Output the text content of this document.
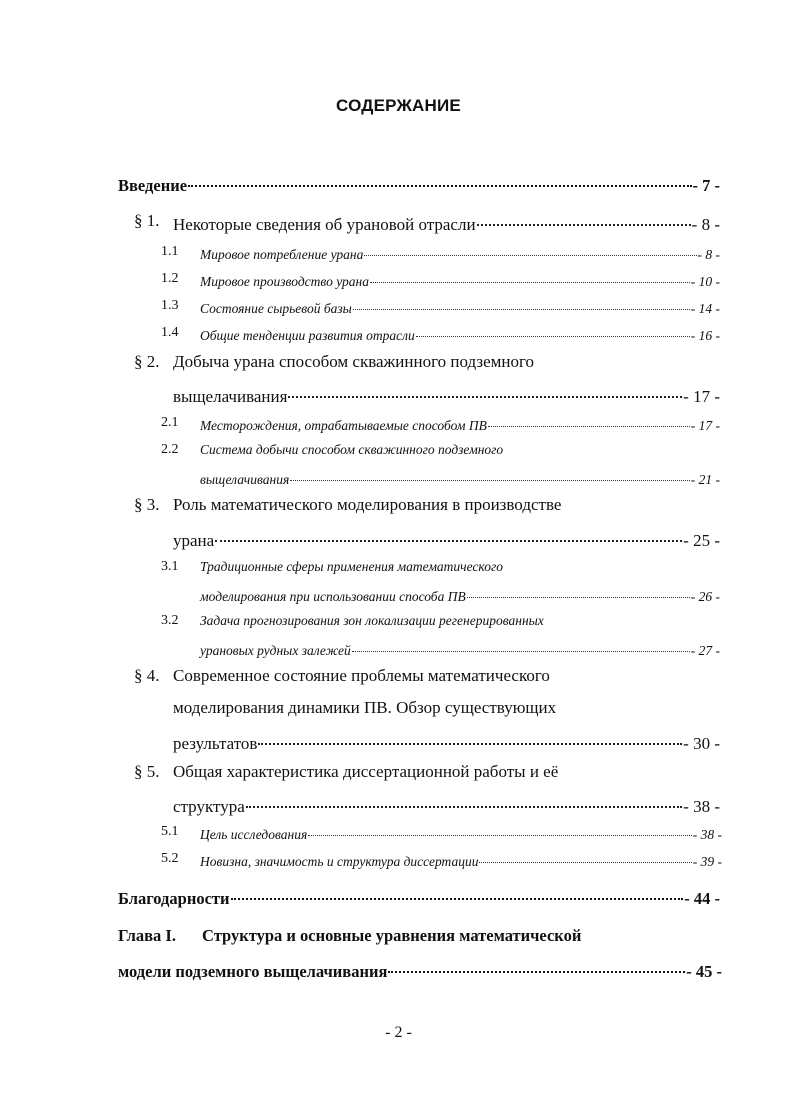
СОДЕРЖАНИЕ
Введение	- 7 -
§ 1. Некоторые сведения об урановой отрасли	- 8 -
1.1 Мировое потребление урана	- 8 -
1.2 Мировое производство урана	- 10 -
1.3 Состояние сырьевой базы	- 14 -
1.4 Общие тенденции развития отрасли	- 16 -
§ 2. Добыча урана способом скважинного подземного
выщелачивания	- 17 -
2.1 Месторождения, отрабатываемые способом ПВ	- 17 -
2.2 Система добычи способом скважинного подземного
выщелачивания	- 21 -
§ 3. Роль математического моделирования в производстве
урана	- 25 -
3.1 Традиционные сферы применения математического
моделирования при использовании способа ПВ	- 26 -
3.2 Задача прогнозирования зон локализации регенерированных
урановых рудных залежей	- 27 -
§ 4. Современное состояние проблемы математического
моделирования динамики ПВ. Обзор существующих
результатов	- 30 -
§ 5. Общая характеристика диссертационной работы и её
структура	- 38 -
5.1 Цель исследования	- 38 -
5.2 Новизна, значимость и структура диссертации	- 39 -
Благодарности	- 44 -
Глава I. Структура и основные уравнения математической
модели подземного выщелачивания	- 45 -
- 2 -
